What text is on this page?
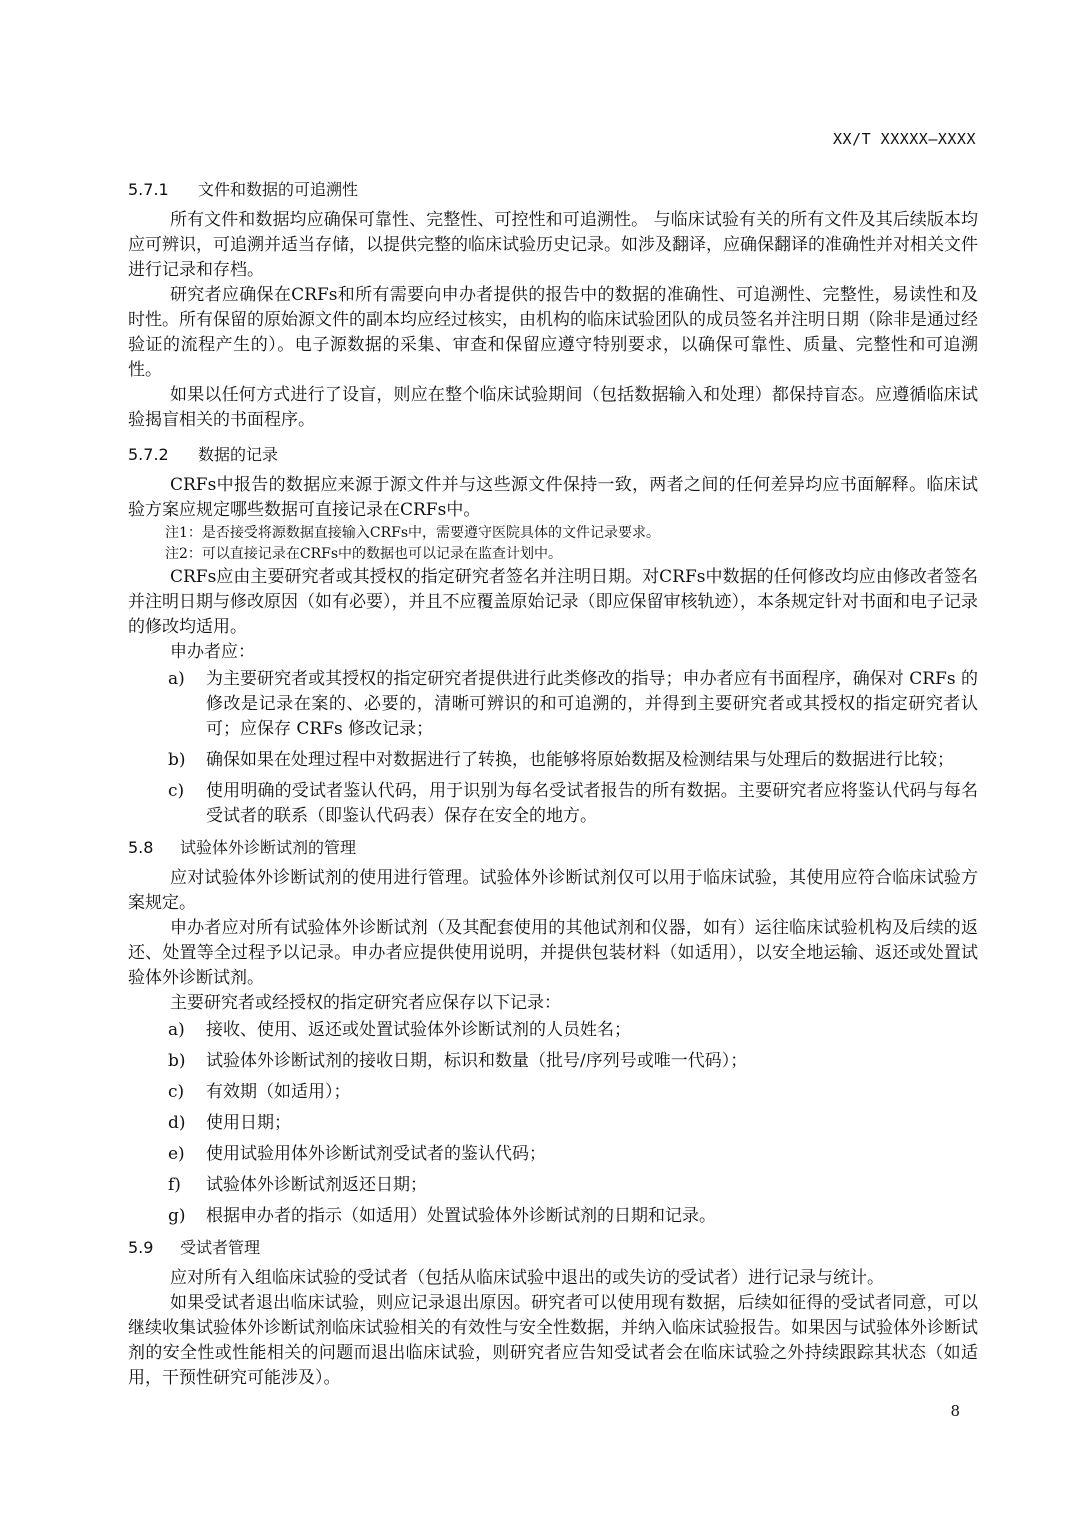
XX/T XXXXX—XXXX
5.7.1	文件和数据的可追溯性

所有文件和数据均应确保可靠性、完整性、可控性和可追溯性。 与临床试验有关的所有文件及其后续版本均应可辨识，可追溯并适当存储，以提供完整的临床试验历史记录。如涉及翻译，应确保翻译的准确性并对相关文件进行记录和存档。

研究者应确保在CRFs和所有需要向申办者提供的报告中的数据的准确性、可追溯性、完整性，易读性和及时性。所有保留的原始源文件的副本均应经过核实，由机构的临床试验团队的成员签名并注明日期（除非是通过经验证的流程产生的）。电子源数据的采集、审查和保留应遵守特别要求，以确保可靠性、质量、完整性和可追溯性。

如果以任何方式进行了设盲，则应在整个临床试验期间（包括数据输入和处理）都保持盲态。应遵循临床试验揭盲相关的书面程序。

5.7.2	数据的记录

CRFs中报告的数据应来源于源文件并与这些源文件保持一致，两者之间的任何差异均应书面解释。临床试验方案应规定哪些数据可直接记录在CRFs中。

注1：是否接受将源数据直接输入CRFs中，需要遵守医院具体的文件记录要求。

注2：可以直接记录在CRFs中的数据也可以记录在监查计划中。

CRFs应由主要研究者或其授权的指定研究者签名并注明日期。对CRFs中数据的任何修改均应由修改者签名并注明日期与修改原因（如有必要），并且不应覆盖原始记录（即应保留审核轨迹），本条规定针对书面和电子记录的修改均适用。

申办者应：

a)	为主要研究者或其授权的指定研究者提供进行此类修改的指导；申办者应有书面程序，确保对 CRFs 的修改是记录在案的、必要的，清晰可辨识的和可追溯的，并得到主要研究者或其授权的指定研究者认可；应保存 CRFs 修改记录；
b)	确保如果在处理过程中对数据进行了转换，也能够将原始数据及检测结果与处理后的数据进行比较；
c)	使用明确的受试者鉴认代码，用于识别为每名受试者报告的所有数据。主要研究者应将鉴认代码与每名受试者的联系（即鉴认代码表）保存在安全的地方。
5.8	试验体外诊断试剂的管理

应对试验体外诊断试剂的使用进行管理。试验体外诊断试剂仅可以用于临床试验，其使用应符合临床试验方案规定。

申办者应对所有试验体外诊断试剂（及其配套使用的其他试剂和仪器，如有）运往临床试验机构及后续的返还、处置等全过程予以记录。申办者应提供使用说明，并提供包装材料（如适用），以安全地运输、返还或处置试验体外诊断试剂。

主要研究者或经授权的指定研究者应保存以下记录：

a)	接收、使用、返还或处置试验体外诊断试剂的人员姓名；
b)	试验体外诊断试剂的接收日期，标识和数量（批号/序列号或唯一代码）；
c)	有效期（如适用）；
d)	使用日期；
e)	使用试验用体外诊断试剂受试者的鉴认代码；
f)	试验体外诊断试剂返还日期；
g)	根据申办者的指示（如适用）处置试验体外诊断试剂的日期和记录。
5.9	受试者管理

应对所有入组临床试验的受试者（包括从临床试验中退出的或失访的受试者）进行记录与统计。

如果受试者退出临床试验，则应记录退出原因。研究者可以使用现有数据，后续如征得的受试者同意，可以继续收集试验体外诊断试剂临床试验相关的有效性与安全性数据，并纳入临床试验报告。如果因与试验体外诊断试剂的安全性或性能相关的问题而退出临床试验，则研究者应告知受试者会在临床试验之外持续跟踪其状态（如适用，干预性研究可能涉及）。

8
